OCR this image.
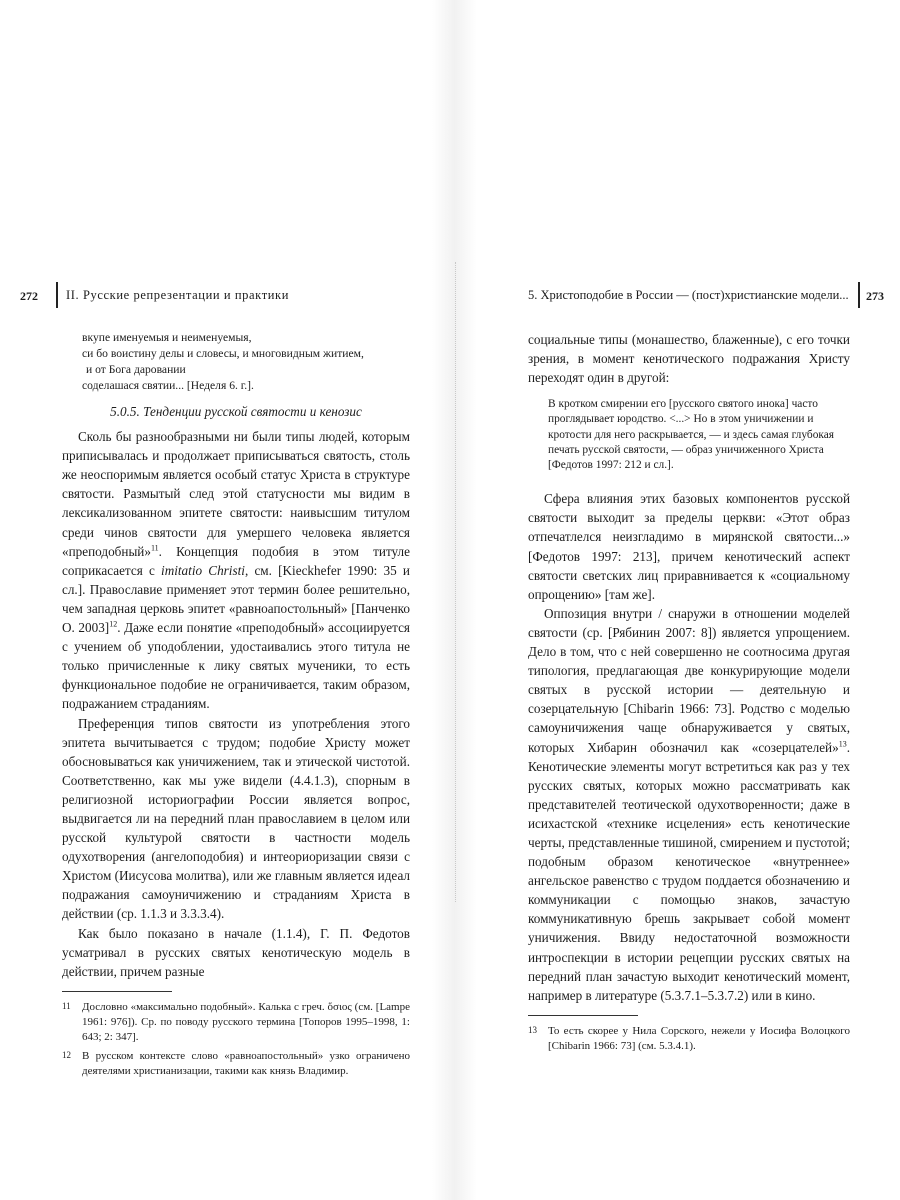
272 II. Русские репрезентации и практики
вкупе именуемыя и неименуемыя,
си бо воистину делы и словесы, и многовидным житием,
и от Бога даровании
соделашася святии... [Неделя 6. г.].
5.0.5. Тенденции русской святости и кенозис

Сколь бы разнообразными ни были типы людей, которым приписывалась и продолжает приписываться святость, столь же неоспоримым является особый статус Христа в структуре святости. Размытый след этой статусности мы видим в лексикализованном эпитете святости: наивысшим титулом среди чинов святости для умершего человека является «преподобный»$^{11}$. Концепция подобия в этом титуле соприкасается с imitatio Christi, см. [Kieckhefer 1990: 35 и сл.]. Православие применяет этот термин более решительно, чем западная церковь эпитет «равноапостольный» [Панченко О. 2003]$^{12}$. Даже если понятие «преподобный» ассоциируется с учением об уподоблении, удостаивались этого титула не только причисленные к лику святых мученики, то есть функциональное подобие не ограничивается, таким образом, подражанием страданиям.

Преференция типов святости из употребления этого эпитета вычитывается с трудом; подобие Христу может обосновываться как уничижением, так и этической чистотой. Соответственно, как мы уже видели (4.4.1.3), спорным в религиозной историографии России является вопрос, выдвигается ли на передний план православием в целом или русской культурой святости в частности модель одухотворения (ангелоподобия) и интеориоризации связи с Христом (Иисусова молитва), или же главным является идеал подражания самоуничижению и страданиям Христа в действии (ср. 1.1.3 и 3.3.3.4).

Как было показано в начале (1.1.4), Г. П. Федотов усматривал в русских святых кенотическую модель в действии, причем разные

11	Дословно «максимально подобный». Калька с греч. ὅσιος (см. [Lampe 1961: 976]). Ср. по поводу русского термина [Топоров 1995–1998, 1: 643; 2: 347].
12	В русском контексте слово «равноапостольный» узко ограничено деятелями христианизации, такими как князь Владимир.
5. Христоподобие в России — (пост)христианские модели... 273

социальные типы (монашество, блаженные), с его точки зрения, в момент кенотического подражания Христу переходят один в другой:

В кротком смирении его [русского святого инока] часто проглядывает юродство. <...> Но в этом уничижении и кротости для него раскрывается, — и здесь самая глубокая печать русской святости, — образ уничиженного Христа [Федотов 1997: 212 и сл.].

Сфера влияния этих базовых компонентов русской святости выходит за пределы церкви: «Этот образ отпечатлелся неизгладимо в мирянской святости...» [Федотов 1997: 213], причем кенотический аспект святости светских лиц приравнивается к «социальному опрощению» [там же].

Оппозиция внутри / снаружи в отношении моделей святости (ср. [Рябинин 2007: 8]) является упрощением. Дело в том, что с ней совершенно не соотносима другая типология, предлагающая две конкурирующие модели святых в русской истории — деятельную и созерцательную [Chibarin 1966: 73]. Родство с моделью самоуничижения чаще обнаруживается у святых, которых Хибарин обозначил как «созерцателей»$^{13}$. Кенотические элементы могут встретиться как раз у тех русских святых, которых можно рассматривать как представителей теотической одухотворенности; даже в исихастской «технике исцеления» есть кенотические черты, представленные тишиной, смирением и пустотой; подобным образом кенотическое «внутреннее» ангельское равенство с трудом поддается обозначению и коммуникации с помощью знаков, зачастую коммуникативную брешь закрывает собой момент уничижения. Ввиду недостаточной возможности интроспекции в истории рецепции русских святых на передний план зачастую выходит кенотический момент, например в литературе (5.3.7.1–5.3.7.2) или в кино.

13	То есть скорее у Нила Сорского, нежели у Иосифа Волоцкого [Chibarin 1966: 73] (см. 5.3.4.1).
